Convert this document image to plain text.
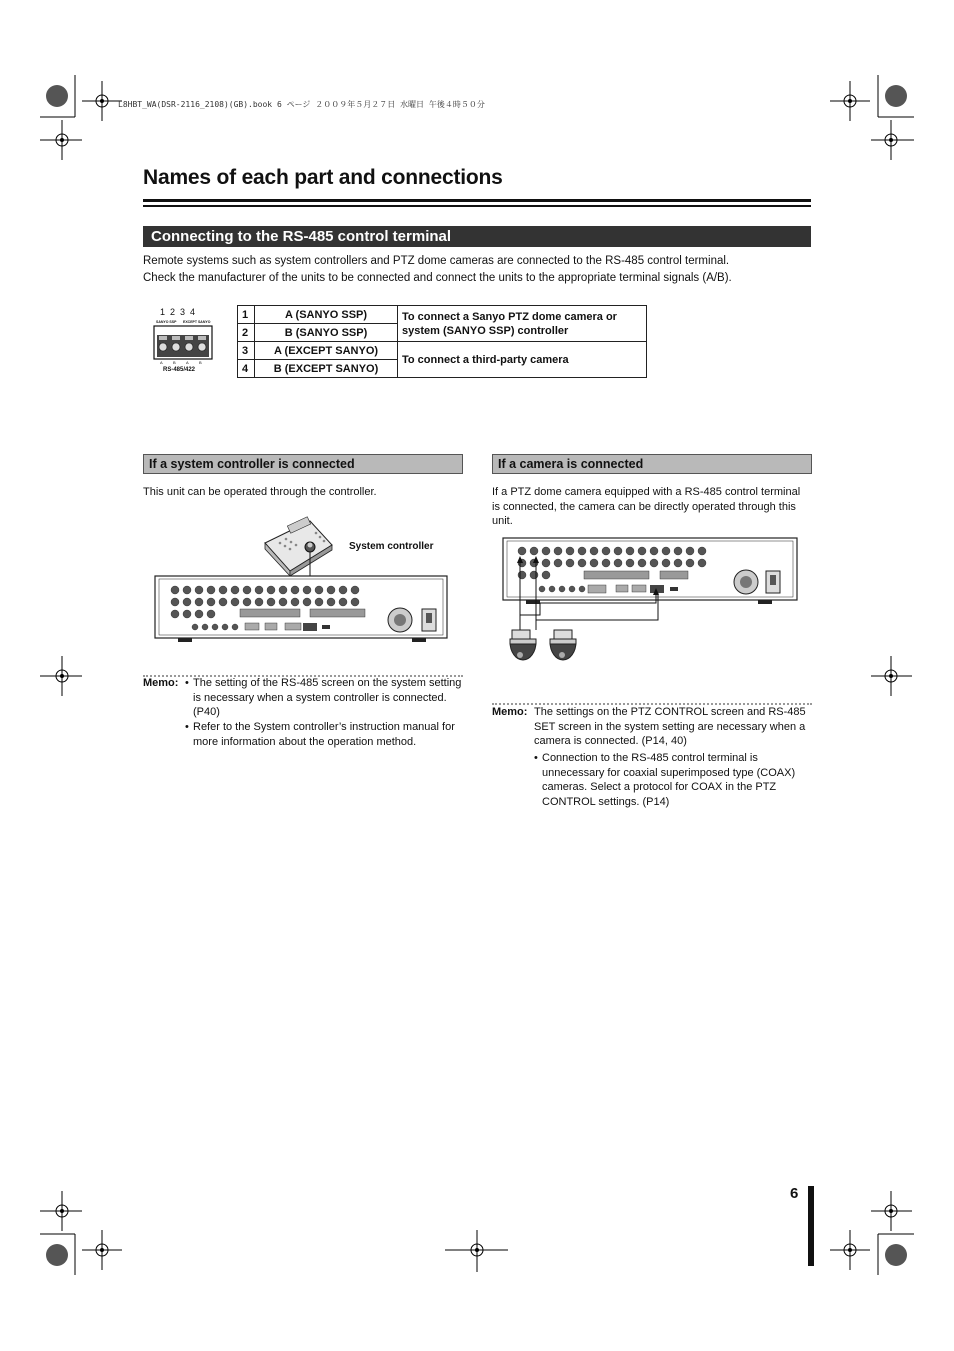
L8HBT_WA(DSR-2116_2108)(GB).book 6 ページ ２００９年５月２７日 水曜日 午後４時５０分
Names of each part and connections
Connecting to the RS-485 control terminal
Remote systems such as system controllers and PTZ dome cameras are connected to the RS-485 control terminal.
Check the manufacturer of the units to be connected and connect the units to the appropriate terminal signals (A/B).
1  2  3  4
SANYO SSP EXCEPT SANYO
A	B	A	B
RS-485/422
1	A (SANYO SSP)	To connect a Sanyo PTZ dome camera or system (SANYO SSP) controller
2	B (SANYO SSP)	
3	A (EXCEPT SANYO)	To connect a third-party camera
4	B (EXCEPT SANYO)	
If a system controller is connected
This unit can be operated through the controller.
System controller
Memo: • The setting of the RS-485 screen on the system setting is necessary when a system controller is connected. (P40)
• Refer to the System controller’s instruction manual for more information about the operation method.
If a camera is connected
If a PTZ dome camera equipped with a RS-485 control terminal is connected, the camera can be directly operated through this unit.
Memo: The settings on the PTZ CONTROL screen and RS-485 SET screen in the system setting are necessary when a camera is connected. (P14, 40)
• Connection to the RS-485 control terminal is unnecessary for coaxial superimposed type (COAX) cameras. Select a protocol for COAX in the PTZ CONTROL settings. (P14)
6
